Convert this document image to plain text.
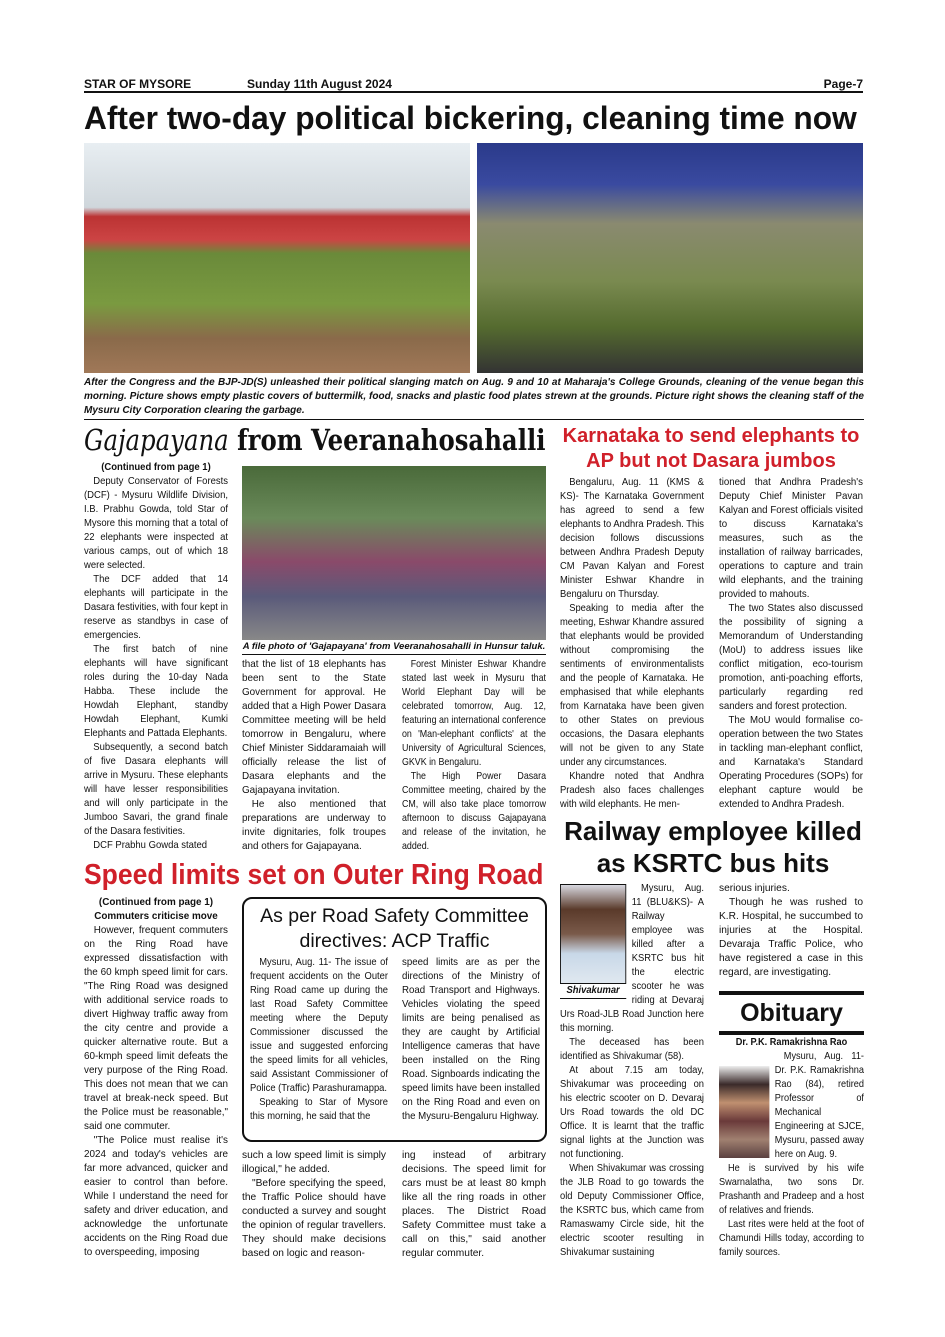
STAR OF MYSORE	Sunday 11th August 2024	Page-7
After two-day political bickering, cleaning time now
After the Congress and the BJP-JD(S) unleashed their political slanging match on Aug. 9 and 10 at Maharaja's College Grounds, cleaning of the venue began this morning. Picture shows empty plastic covers of buttermilk, food, snacks and plastic food plates strewn at the grounds. Picture right shows the cleaning staff of the Mysuru City Corporation clearing the garbage.
Gajapayana from Veeranahosahalli
(Continued from page 1)

Deputy Conservator of Forests (DCF) - Mysuru Wildlife Division, I.B. Prabhu Gowda, told Star of Mysore this morning that a total of 22 elephants were inspected at various camps, out of which 18 were selected.

The DCF added that 14 elephants will participate in the Dasara festivities, with four kept in reserve as standbys in case of emergencies.

The first batch of nine elephants will have significant roles during the 10-day Nada Habba. These include the Howdah Elephant, standby Howdah Elephant, Kumki Elephants and Pattada Elephants.

Subsequently, a second batch of five Dasara elephants will arrive in Mysuru. These elephants will have lesser responsibilities and will only participate in the Jumboo Savari, the grand finale of the Dasara festivities.

DCF Prabhu Gowda stated

A file photo of 'Gajapayana' from Veeranahosahalli in Hunsur taluk.

that the list of 18 elephants has been sent to the State Government for approval. He added that a High Power Dasara Committee meeting will be held tomorrow in Bengaluru, where Chief Minister Siddaramaiah will officially release the list of Dasara elephants and the Gajapayana invitation.

He also mentioned that preparations are underway to invite dignitaries, folk troupes and others for Gajapayana.

Forest Minister Eshwar Khandre stated last week in Mysuru that World Elephant Day will be celebrated tomorrow, Aug. 12, featuring an international conference on 'Man-elephant conflicts' at the University of Agricultural Sciences, GKVK in Bengaluru.

The High Power Dasara Committee meeting, chaired by the CM, will also take place tomorrow afternoon to discuss Gajapayana and release of the invitation, he added.

Karnataka to send elephants to AP but not Dasara jumbos

Bengaluru, Aug. 11 (KMS & KS)- The Karnataka Government has agreed to send a few elephants to Andhra Pradesh. This decision follows discussions between Andhra Pradesh Deputy CM Pavan Kalyan and Forest Minister Eshwar Khandre in Bengaluru on Thursday.

Speaking to media after the meeting, Eshwar Khandre assured that elephants would be provided without compromising the sentiments of environmentalists and the people of Karnataka. He emphasised that while elephants from Karnataka have been given to other States on previous occasions, the Dasara elephants will not be given to any State under any circumstances.

Khandre noted that Andhra Pradesh also faces challenges with wild elephants. He men-

tioned that Andhra Pradesh's Deputy Chief Minister Pavan Kalyan and Forest officials visited to discuss Karnataka's measures, such as the installation of railway barricades, operations to capture and train wild elephants, and the training provided to mahouts.

The two States also discussed the possibility of signing a Memorandum of Understanding (MoU) to address issues like conflict mitigation, eco-tourism promotion, anti-poaching efforts, particularly regarding red sanders and forest protection.

The MoU would formalise co-operation between the two States in tackling man-elephant conflict, and Karnataka's Standard Operating Procedures (SOPs) for elephant capture would be extended to Andhra Pradesh.

Speed limits set on Outer Ring Road
(Continued from page 1)
Commuters criticise move

However, frequent commuters on the Ring Road have expressed dissatisfaction with the 60 kmph speed limit for cars. "The Ring Road was designed with additional service roads to divert Highway traffic away from the city centre and provide a quicker alternative route. But a 60-kmph speed limit defeats the very purpose of the Ring Road. This does not mean that we can travel at break-neck speed. But the Police must be reasonable," said one commuter.

"The Police must realise it's 2024 and today's vehicles are far more advanced, quicker and easier to control than before. While I understand the need for safety and driver education, and acknowledge the unfortunate accidents on the Ring Road due to overspeeding, imposing

As per Road Safety Committee directives: ACP Traffic

Mysuru, Aug. 11- The issue of frequent accidents on the Outer Ring Road came up during the last Road Safety Committee meeting where the Deputy Commissioner discussed the issue and suggested enforcing the speed limits for all vehicles, said Assistant Commissioner of Police (Traffic) Parashuramappa.

Speaking to Star of Mysore this morning, he said that the

speed limits are as per the directions of the Ministry of Road Transport and Highways. Vehicles violating the speed limits are being penalised as they are caught by Artificial Intelligence cameras that have been installed on the Ring Road. Signboards indicating the speed limits have been installed on the Ring Road and even on the Mysuru-Bengaluru Highway.

such a low speed limit is simply illogical," he added.

"Before specifying the speed, the Traffic Police should have conducted a survey and sought the opinion of regular travellers. They should make decisions based on logic and reason-

ing instead of arbitrary decisions. The speed limit for cars must be at least 80 kmph like all the ring roads in other places. The District Road Safety Committee must take a call on this," said another regular commuter.

Railway employee killed as KSRTC bus hits
Shivakumar

Mysuru, Aug. 11 (BLU&KS)- A Railway employee was killed after a KSRTC bus hit the electric scooter he was riding at Devaraj Urs Road-JLB Road Junction here this morning.

The deceased has been identified as Shivakumar (58).

At about 7.15 am today, Shivakumar was proceeding on his electric scooter on D. Devaraj Urs Road towards the old DC Office. It is learnt that the traffic signal lights at the Junction was not functioning.

When Shivakumar was crossing the JLB Road to go towards the old Deputy Commissioner Office, the KSRTC bus, which came from Ramaswamy Circle side, hit the electric scooter resulting in Shivakumar sustaining

serious injuries.

Though he was rushed to K.R. Hospital, he succumbed to injuries at the Hospital. Devaraja Traffic Police, who have registered a case in this regard, are investigating.

Obituary
Dr. P.K. Ramakrishna Rao

Mysuru, Aug. 11- Dr. P.K. Ramakrishna Rao (84), retired Professor of Mechanical Engineering at SJCE, Mysuru, passed away here on Aug. 9.

He is survived by his wife Swarnalatha, two sons Dr. Prashanth and Pradeep and a host of relatives and friends.

Last rites were held at the foot of Chamundi Hills today, according to family sources.
